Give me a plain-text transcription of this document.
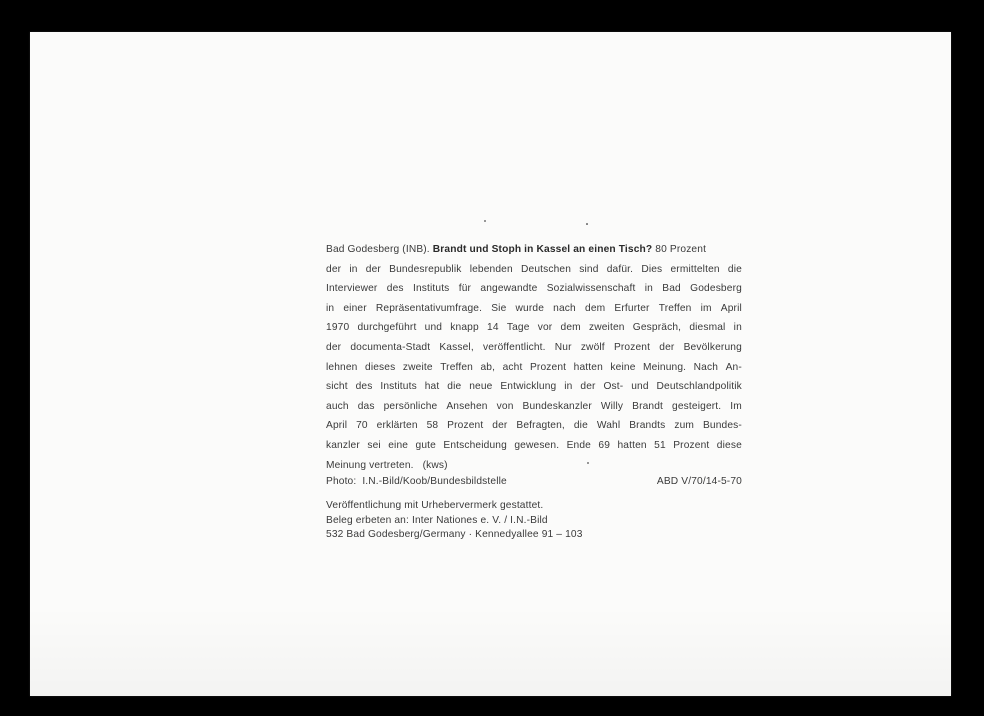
Bad Godesberg (INB). Brandt und Stoph in Kassel an einen Tisch? 80 Prozent
der in der Bundesrepublik lebenden Deutschen sind dafür. Dies ermittelten die
Interviewer des Instituts für angewandte Sozialwissenschaft in Bad Godesberg
in einer Repräsentativumfrage. Sie wurde nach dem Erfurter Treffen im April
1970 durchgeführt und knapp 14 Tage vor dem zweiten Gespräch, diesmal in
der documenta-Stadt Kassel, veröffentlicht. Nur zwölf Prozent der Bevölkerung
lehnen dieses zweite Treffen ab, acht Prozent hatten keine Meinung. Nach An-
sicht des Instituts hat die neue Entwicklung in der Ost- und Deutschlandpolitik
auch das persönliche Ansehen von Bundeskanzler Willy Brandt gesteigert. Im
April 70 erklärten 58 Prozent der Befragten, die Wahl Brandts zum Bundes-
kanzler sei eine gute Entscheidung gewesen. Ende 69 hatten 51 Prozent diese
Meinung vertreten.   (kws)
Photo:  I.N.-Bild/Koob/Bundesbildstelle	ABD V/70/14-5-70
Veröffentlichung mit Urhebervermerk gestattet.
Beleg erbeten an: Inter Nationes e. V. / I.N.-Bild
532 Bad Godesberg/Germany · Kennedyallee 91 – 103
